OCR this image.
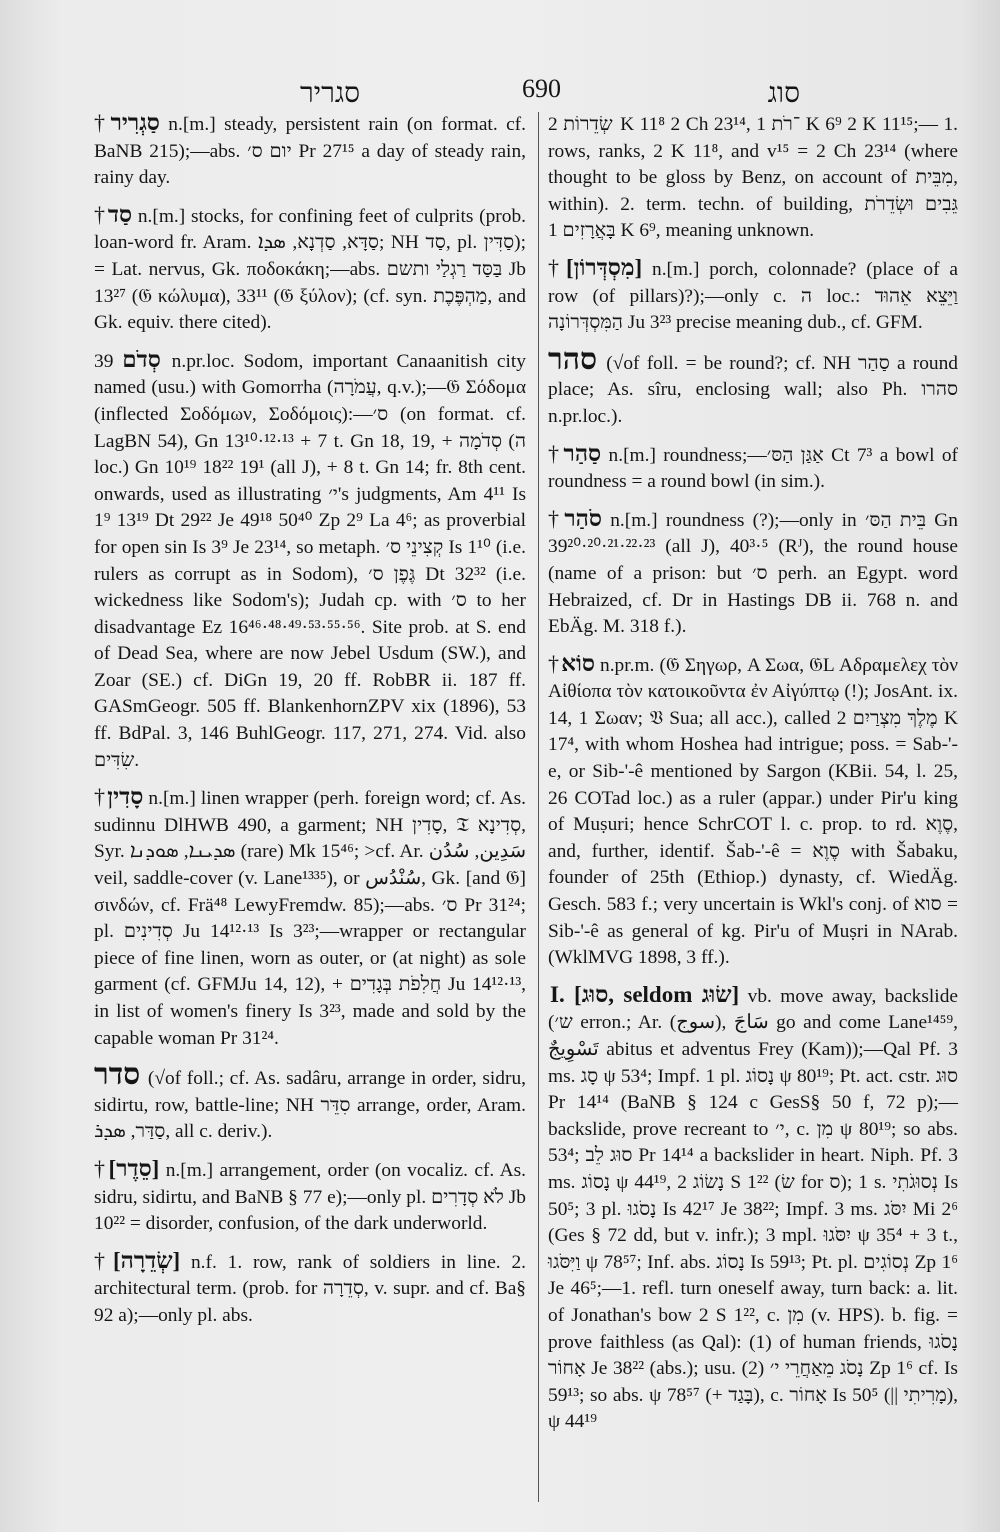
סגריר	690	סוג

†סַגְרִיר n.[m.] steady, persistent rain (on format. cf. BaNB 215);—abs. יום ס׳ Pr 27¹⁵ a day of steady rain, rainy day.

†סַד n.[m.] stocks, for confining feet of culprits (prob. loan-word fr. Aram. סַדָּא, סַדְנָא, ܣܕܐ; NH סַד, pl. סַדִּין); = Lat. nervus, Gk. ποδοκάκη;—abs. בַּסַּד רַגְלַי ותשם Jb 13²⁷ (𝔊 κώλυμα), 33¹¹ (𝔊 ξύλον); (cf. syn. מַהְפֶּכֶת, and Gk. equiv. there cited).

סְדֹם 39 n.pr.loc. Sodom, important Canaanitish city named (usu.) with Gomorrha (עֲמֹרָה, q.v.);—𝔊 Σόδομα (inflected Σοδόμων, Σοδόμοις):—ס׳ (on format. cf. LagBN 54), Gn 13¹⁰·¹²·¹³ + 7 t. Gn 18, 19, + סְדֹמָה (ה loc.) Gn 10¹⁹ 18²² 19¹ (all J), + 8 t. Gn 14; fr. 8th cent. onwards, used as illustrating י׳'s judgments, Am 4¹¹ Is 1⁹ 13¹⁹ Dt 29²² Je 49¹⁸ 50⁴⁰ Zp 2⁹ La 4⁶; as proverbial for open sin Is 3⁹ Je 23¹⁴, so metaph. קְצִינֵי ס׳ Is 1¹⁰ (i.e. rulers as corrupt as in Sodom), גֶּפֶן ס׳ Dt 32³² (i.e. wickedness like Sodom's); Judah cp. with ס׳ to her disadvantage Ez 16⁴⁶·⁴⁸·⁴⁹·⁵³·⁵⁵·⁵⁶. Site prob. at S. end of Dead Sea, where are now Jebel Usdum (SW.), and Zoar (SE.) cf. DiGn 19, 20 ff. RobBR ii. 187 ff. GASmGeogr. 505 ff. BlankenhornZPV xix (1896), 53 ff. BdPal. 3, 146 BuhlGeogr. 117, 271, 274. Vid. also שִׂדִּים.

†סָדִין n.[m.] linen wrapper (perh. foreign word; cf. As. sudinnu DlHWB 490, a garment; NH סָדִין, 𝔗 סְדִינָא, Syr. ܣܕܝܢܐ, ܣܘܕܢܐ (rare) Mk 15⁴⁶; >cf. Ar. سَدِين, سُدُن veil, saddle-cover (v. Lane¹³³⁵), or سُنْدُس, Gk. [and 𝔊] σινδών, cf. Frä⁴⁸ LewyFremdw. 85);—abs. ס׳ Pr 31²⁴; pl. סְדִינִים Ju 14¹²·¹³ Is 3²³;—wrapper or rectangular piece of fine linen, worn as outer, or (at night) as sole garment (cf. GFMJu 14, 12), + חֲלִפֹת בְּגָדִים Ju 14¹²·¹³, in list of women's finery Is 3²³, made and sold by the capable woman Pr 31²⁴.

סדר (√of foll.; cf. As. sadâru, arrange in order, sidru, sidirtu, row, battle-line; NH סִדֵּר arrange, order, Aram. סַדַּר, ܣܕܪ, all c. deriv.).

†[סֵדֶר] n.[m.] arrangement, order (on vocaliz. cf. As. sidru, sidirtu, and BaNB § 77 e);—only pl. לֹא סְדָרִים Jb 10²² = disorder, confusion, of the dark underworld.

†[שְׂדֵרָה] n.f. 1. row, rank of soldiers in line. 2. architectural term. (prob. for סְדֵרָה, v. supr. and cf. Ba§ 92 a);—only pl. abs.

שְׂדֵרוֹת 2 K 11⁸ 2 Ch 23¹⁴, ־רֹת 1 K 6⁹ 2 K 11¹⁵;— 1. rows, ranks, 2 K 11⁸, and v¹⁵ = 2 Ch 23¹⁴ (where thought to be gloss by Benz, on account of מִבֵּית, within). 2. term. techn. of building, גֵּבִים וּשְׂדֵרֹת בָּאֲרָזִים 1 K 6⁹, meaning unknown.

†[מִסְדְּרוֹן] n.[m.] porch, colonnade? (place of a row (of pillars)?);—only c. ה loc.: וַיֵּצֵא אֵהוּד הַמִּסְדְּרוֹנָה Ju 3²³ precise meaning dub., cf. GFM.

סהר (√of foll. = be round?; cf. NH סַהַר a round place; As. sîru, enclosing wall; also Ph. סהרו n.pr.loc.).

†סַהַר n.[m.] roundness;—אַגַּן הַסּ׳ Ct 7³ a bowl of roundness = a round bowl (in sim.).

†סֹהַר n.[m.] roundness (?);—only in בֵּית הַסּ׳ Gn 39²⁰·²⁰·²¹·²²·²³ (all J), 40³·⁵ (Rᴶ), the round house (name of a prison: but ס׳ perh. an Egypt. word Hebraized, cf. Dr in Hastings DB ii. 768 n. and EbÄg. M. 318 f.).

†סוֹא n.pr.m. (𝔊 Σηγωρ, A Σωα, 𝔊L Αδραμελεχ τὸν Αἰθίοπα τὸν κατοικοῦντα ἐν Αἰγύπτῳ (!); JosAnt. ix. 14, 1 Σωαν; 𝔙 Sua; all acc.), called מֶלֶךְ מִצְרַיִם 2 K 17⁴, with whom Hoshea had intrigue; poss. = Sab-'-e, or Sib-'-ê mentioned by Sargon (KBii. 54, l. 25, 26 COTad loc.) as a ruler (appar.) under Pir'u king of Muṣuri; hence SchrCOT l. c. prop. to rd. סֶוֶא, and, further, identif. Šab-'-ê = סֶוֶא with Šabaku, founder of 25th (Ethiop.) dynasty, cf. WiedÄg. Gesch. 583 f.; very uncertain is Wkl's conj. of סוא = Sib-'-ê as general of kg. Pir'u of Muṣri in NArab. (WklMVG 1898, 3 ff.).

I. [סוּג, seldom שׂוּג] vb. move away, backslide (ש׳ erron.; Ar. (سوج), سَاجَ go and come Lane¹⁴⁵⁹, تَسْوِيجٌ abitus et adventus Frey (Kam));—Qal Pf. 3 ms. סָג ψ 53⁴; Impf. 1 pl. נָסוֹג ψ 80¹⁹; Pt. act. cstr. סוּג Pr 14¹⁴ (BaNB § 124 c GesS§ 50 f, 72 p);—backslide, prove recreant to י׳, c. מִן ψ 80¹⁹; so abs. 53⁴; סוּג לֵב Pr 14¹⁴ a backslider in heart. Niph. Pf. 3 ms. נָסוֹג ψ 44¹⁹, נָשׂוֹג 2 S 1²² (שׂ for ס); 1 s. נְסוּגֹתִי Is 50⁵; 3 pl. נָסֹגוּ Is 42¹⁷ Je 38²²; Impf. 3 ms. יִסֹּג Mi 2⁶ (Ges § 72 dd, but v. infr.); 3 mpl. יִסֹּגוּ ψ 35⁴ + 3 t., וַיִּסֹּגוּ ψ 78⁵⁷; Inf. abs. נָסוֹג Is 59¹³; Pt. pl. נְסוֹגִים Zp 1⁶ Je 46⁵;—1. refl. turn oneself away, turn back: a. lit. of Jonathan's bow 2 S 1²², c. מִן (v. HPS). b. fig. = prove faithless (as Qal): (1) of human friends, נָסֹגוּ אָחוֹר Je 38²² (abs.); usu. (2) נָסֹג מֵאַחֲרֵי י׳ Zp 1⁶ cf. Is 59¹³; so abs. ψ 78⁵⁷ (+ בָּגַד), c. אָחוֹר Is 50⁵ (|| מָרִיתִי), ψ 44¹⁹
